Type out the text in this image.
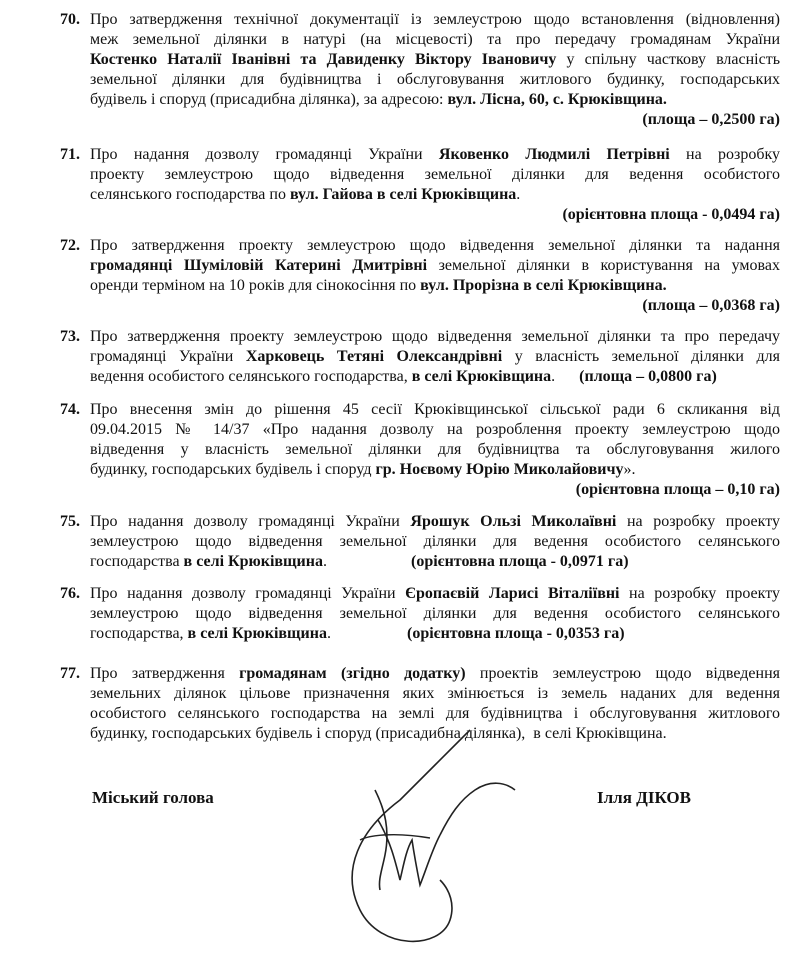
70. Про затвердження технічної документації із землеустрою щодо встановлення (відновлення)
меж земельної ділянки в натурі (на місцевості) та про передачу громадянам України
Костенко Наталії Іванівні та Давиденку Віктору Івановичу у спільну часткову власність
земельної ділянки для будівництва і обслуговування житлового будинку, господарських
будівель і споруд (присадибна ділянка), за адресою: вул. Лісна, 60, с. Крюківщина.
(площа – 0,2500 га)
71. Про надання дозволу громадянці України Яковенко Людмилі Петрівні на розробку
проекту землеустрою щодо відведення земельної ділянки для ведення особистого
селянського господарства по вул. Гайова в селі Крюківщина.
(орієнтовна площа - 0,0494 га)
72. Про затвердження проекту землеустрою щодо відведення земельної ділянки та надання
громадянці Шуміловій Катерині Дмитрівні земельної ділянки в користування на умовах
оренди терміном на 10 років для сінокосіння по вул. Прорізна в селі Крюківщина.
(площа – 0,0368 га)
73. Про затвердження проекту землеустрою щодо відведення земельної ділянки та про передачу
громадянці України Харковець Тетяні Олександрівні у власність земельної ділянки для
ведення особистого селянського господарства, в селі Крюківщина.      (площа – 0,0800 га)
74. Про внесення змін до рішення 45 сесії Крюківщинської сільської ради 6 скликання від
09.04.2015 № 14/37 «Про надання дозволу на розроблення проекту землеустрою щодо
відведення у власність земельної ділянки для будівництва та обслуговування жилого
будинку, господарських будівель і споруд гр. Ноєвому Юрію Миколайовичу».
(орієнтовна площа – 0,10 га)
75. Про надання дозволу громадянці України Ярошук Ользі Миколаївні на розробку проекту
землеустрою щодо відведення земельної ділянки для ведення особистого селянського
господарства в селі Крюківщина.                     (орієнтовна площа - 0,0971 га)
76. Про надання дозволу громадянці України Єропаєвій Ларисі Віталіївні на розробку проекту
землеустрою щодо відведення земельної ділянки для ведення особистого селянського
господарства, в селі Крюківщина.                   (орієнтовна площа - 0,0353 га)
77. Про затвердження громадянам (згідно додатку) проектів землеустрою щодо відведення
земельних ділянок цільове призначення яких змінюється із земель наданих для ведення
особистого селянського господарства на землі для будівництва і обслуговування житлового
будинку, господарських будівель і споруд (присадибна ділянка),  в селі Крюківщина.
Міський голова	Ілля ДІКОВ
